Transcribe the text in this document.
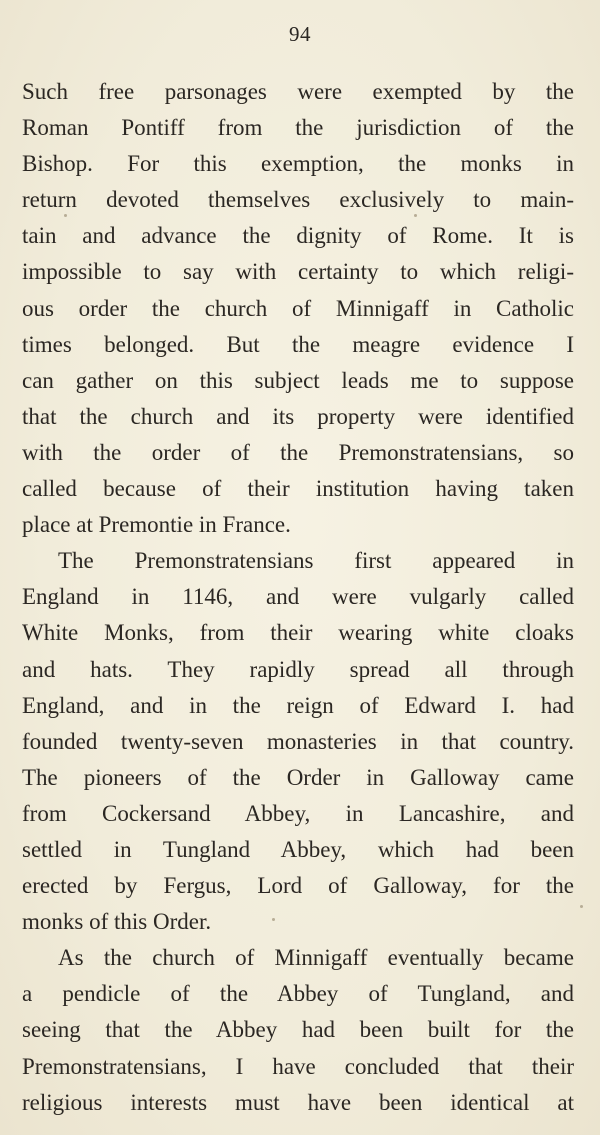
94
Such free parsonages were exempted by the
Roman Pontiff from the jurisdiction of the
Bishop. For this exemption, the monks in
return devoted themselves exclusively to main-
tain and advance the dignity of Rome. It is
impossible to say with certainty to which religi-
ous order the church of Minnigaff in Catholic
times belonged. But the meagre evidence I
can gather on this subject leads me to suppose
that the church and its property were identified
with the order of the Premonstratensians, so
called because of their institution having taken
place at Premontie in France.
The Premonstratensians first appeared in
England in 1146, and were vulgarly called
White Monks, from their wearing white cloaks
and hats. They rapidly spread all through
England, and in the reign of Edward I. had
founded twenty-seven monasteries in that country.
The pioneers of the Order in Galloway came
from Cockersand Abbey, in Lancashire, and
settled in Tungland Abbey, which had been
erected by Fergus, Lord of Galloway, for the
monks of this Order.
As the church of Minnigaff eventually became
a pendicle of the Abbey of Tungland, and
seeing that the Abbey had been built for the
Premonstratensians, I have concluded that their
religious interests must have been identical at
